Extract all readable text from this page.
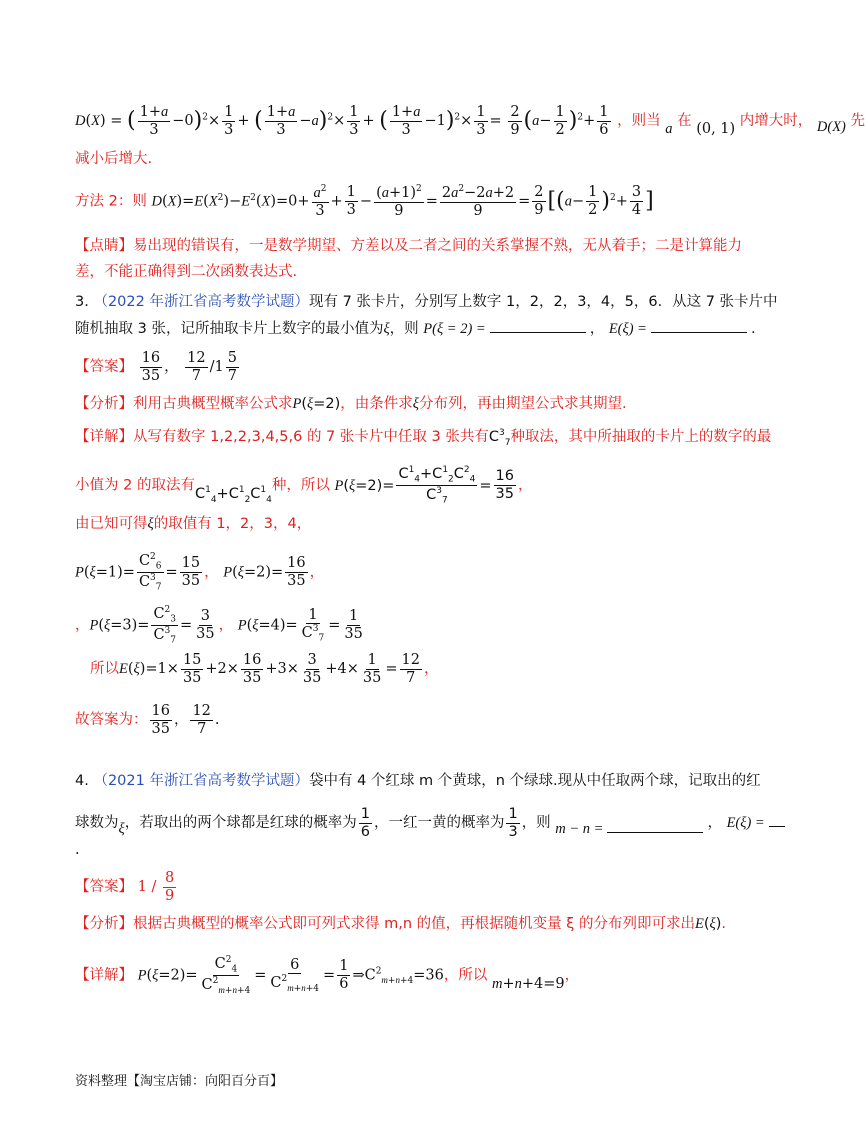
D(X) = ( $\frac{1+a}{3} -0)^2\times \frac{1}{3}$ + ( $\frac{1+a}{3} -a)^2\times \frac{1}{3}$ + ( $\frac{1+a}{3} -1)^2\times \frac{1}{3} = \frac{2}{9} (a- \frac{1}{2} )^2+ \frac{1}{6}$ ，则当 a 在 (0, 1) 内增大时， D(X) 先
减小后增大.
方法 2：则 $D(X)=E(X^2)-E^2(X)=0+ \frac{a^2}{3} + \frac{1}{3} - \frac{(a+1)^2}{9} = \frac{2a^2-2a+2}{9} = \frac{2}{9} [(a- \frac{1}{2} )^2+ \frac{3}{4}$ ]
【点睛】易出现的错误有，一是数学期望、方差以及二者之间的关系掌握不熟，无从着手；二是计算能力
差，不能正确得到二次函数表达式.
3. （2022 年浙江省高考数学试题）现有 7 张卡片，分别写上数字 1，2，2，3，4，5，6．从这 7 张卡片中
随机抽取 3 张，记所抽取卡片上数字的最小值为ξ，则 P(ξ = 2) =	， E(ξ) =	.
【答案】 $\frac{16}{35}$ ， $\frac{12}{7} /1 \frac{5}{7}$
【分析】利用古典概型概率公式求P(ξ=2)，由条件求ξ分布列，再由期望公式求其期望.
【详解】从写有数字 1,2,2,3,4,5,6 的 7 张卡片中任取 3 张共有$C^3_7$种取法，其中所抽取的卡片上的数字的最
小值为 2 的取法有$C^1_4+C^1_2C^1_4$种，所以 $P(\xi=2)= \frac{C^1_4+C^1_2C^2_4}{C^3_7} = \frac{16}{35}$ ，
由已知可得ξ的取值有 1，2，3，4，
$P(\xi=1)= \frac{C^2_6}{C^3_7} = \frac{15}{35}$ ， $P(\xi=2)= \frac{16}{35}$ ，
，$P(\xi=3)= \frac{C^2_3}{C^3_7} = \frac{3}{35}$ ， $P(\xi=4)= \frac{1}{C^3_7} = \frac{1}{35}$
所以$E(\xi)=1\times \frac{15}{35} +2\times \frac{16}{35} +3\times \frac{3}{35} +4\times \frac{1}{35} = \frac{12}{7}$ ，
故答案为： $\frac{16}{35}$ ， $\frac{12}{7}$ .
4. （2021 年浙江省高考数学试题）袋中有 4 个红球 m 个黄球，n 个绿球.现从中任取两个球，记取出的红
球数为ξ，若取出的两个球都是红球的概率为 $\frac{1}{6}$ ，一红一黄的概率为 $\frac{1}{3}$ ，则 m − n =	， E(ξ) =
.
【答案】 $1 / \frac{8}{9}$
【分析】根据古典概型的概率公式即可列式求得 m,n 的值，再根据随机变量 ξ 的分布列即可求出E(ξ).
【详解】 $P(\xi=2)= \frac{C^2_4}{C^2_{m+n+4}} = \frac{6}{C^2_{m+n+4}} = \frac{1}{6}$ $\Rightarrow C^2_{m+n+4}=36$，所以 m+n+4=9，
资料整理【淘宝店铺：向阳百分百】
